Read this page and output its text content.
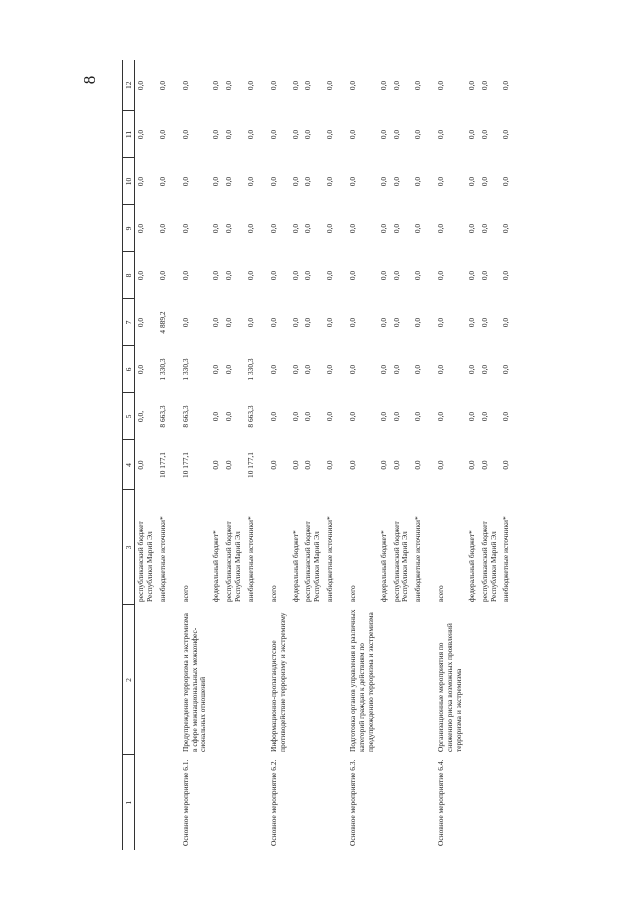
8
1	2	3	4	5	6	7	8	9	10	11	12
		республиканский бюджет Республики Марий Эл	0,0	0,0,	0,0	0,0	0,0	0,0	0,0	0,0	0,0
		внебюджетные источники*	10 177,1	8 663,3	1 330,3	4 889,2	0,0	0,0	0,0	0,0	0,0
Основное мероприятие 6.1.	Предупреждение терроризма и экстремизма в сфере межнациональных межконфес- сиональных отношений	всего	10 177,1	8 663,3	1 330,3	0,0	0,0	0,0	0,0	0,0	0,0
		федеральный бюджет*	0,0	0,0	0,0	0,0	0,0	0,0	0,0	0,0	0,0
		республиканский бюджет Республики Марий Эл	0,0	0,0	0,0	0,0	0,0	0,0	0,0	0,0	0,0
		внебюджетные источники*	10 177,1	8 663,3	1 330,3	0,0	0,0	0,0	0,0	0,0	0,0
Основное мероприятие 6.2.	Информационно-пропагандистское противодействие терроризму и экстремизму	всего	0,0	0,0	0,0	0,0	0,0	0,0	0,0	0,0	0,0
		федеральный бюджет*	0,0	0,0	0,0	0,0	0,0	0,0	0,0	0,0	0,0
		республиканский бюджет Республики Марий Эл	0,0	0,0	0,0	0,0	0,0	0,0	0,0	0,0	0,0
		внебюджетные источники*	0,0	0,0	0,0	0,0	0,0	0,0	0,0	0,0	0,0
Основное мероприятие 6.3.	Подготовка органов управления и различных категорий граждан к действиям по предупреждению терроризма и экстремизма	всего	0,0	0,0	0,0	0,0	0,0	0,0	0,0	0,0	0,0
		федеральный бюджет*	0,0	0,0	0,0	0,0	0,0	0,0	0,0	0,0	0,0
		республиканский бюджет Республики Марий Эл	0,0	0,0	0,0	0,0	0,0	0,0	0,0	0,0	0,0
		внебюджетные источники*	0,0	0,0	0,0	0,0	0,0	0,0	0,0	0,0	0,0
Основное мероприятие 6.4.	Организационные мероприятия по снижению риска возможных проявлений терроризма и экстремизма	всего	0,0	0,0	0,0	0,0	0,0	0,0	0,0	0,0	0,0
		федеральный бюджет*	0,0	0,0	0,0	0,0	0,0	0,0	0,0	0,0	0,0
		республиканский бюджет Республики Марий Эл	0,0	0,0	0,0	0,0	0,0	0,0	0,0	0,0	0,0
		внебюджетные источники*	0,0	0,0	0,0	0,0	0,0	0,0	0,0	0,0	0,0
